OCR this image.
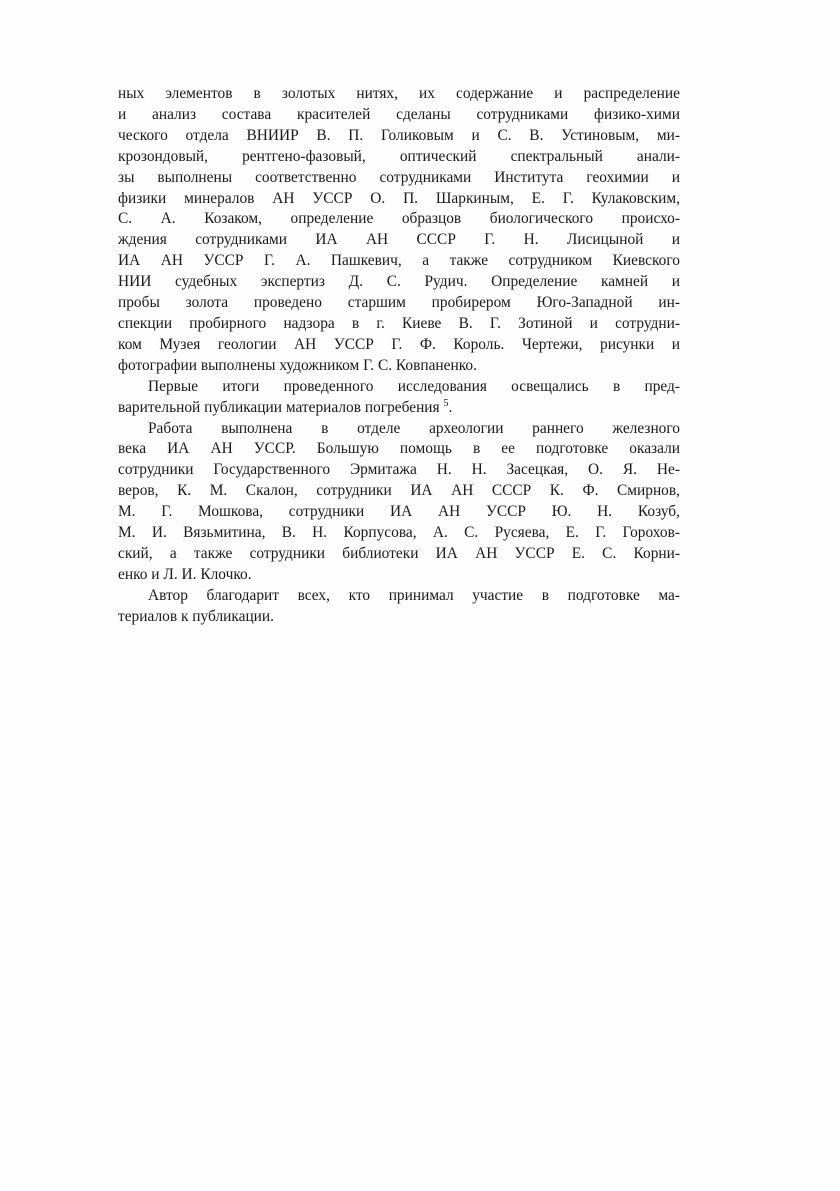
ных элементов в золотых нитях, их содержание и распределение
и анализ состава красителей сделаны сотрудниками физико-хими
ческого отдела ВНИИР В. П. Голиковым и С. В. Устиновым, ми-
крозондовый, рентгено-фазовый, оптический спектральный анали-
зы выполнены соответственно сотрудниками Института геохимии и
физики минералов АН УССР О. П. Шаркиным, Е. Г. Кулаковским,
С. А. Козаком, определение образцов биологического происхо-
ждения сотрудниками ИА АН СССР Г. Н. Лисицыной и
ИА АН УССР Г. А. Пашкевич, а также сотрудником Киевского
НИИ судебных экспертиз Д. С. Рудич. Определение камней и
пробы золота проведено старшим пробирером Юго-Западной ин-
спекции пробирного надзора в г. Киеве В. Г. Зотиной и сотрудни-
ком Музея геологии АН УССР Г. Ф. Король. Чертежи, рисунки и
фотографии выполнены художником Г. С. Ковпаненко.

Первые итоги проведенного исследования освещались в пред-
варительной публикации материалов погребения $^5$.

Работа выполнена в отделе археологии раннего железного
века ИА АН УССР. Большую помощь в ее подготовке оказали
сотрудники Государственного Эрмитажа Н. Н. Засецкая, О. Я. Не-
веров, К. М. Скалон, сотрудники ИА АН СССР К. Ф. Смирнов,
М. Г. Мошкова, сотрудники ИА АН УССР Ю. Н. Козуб,
М. И. Вязьмитина, В. Н. Корпусова, А. С. Русяева, Е. Г. Горохов-
ский, а также сотрудники библиотеки ИА АН УССР Е. С. Корни-
енко и Л. И. Клочко.

Автор благодарит всех, кто принимал участие в подготовке ма-
териалов к публикации.
